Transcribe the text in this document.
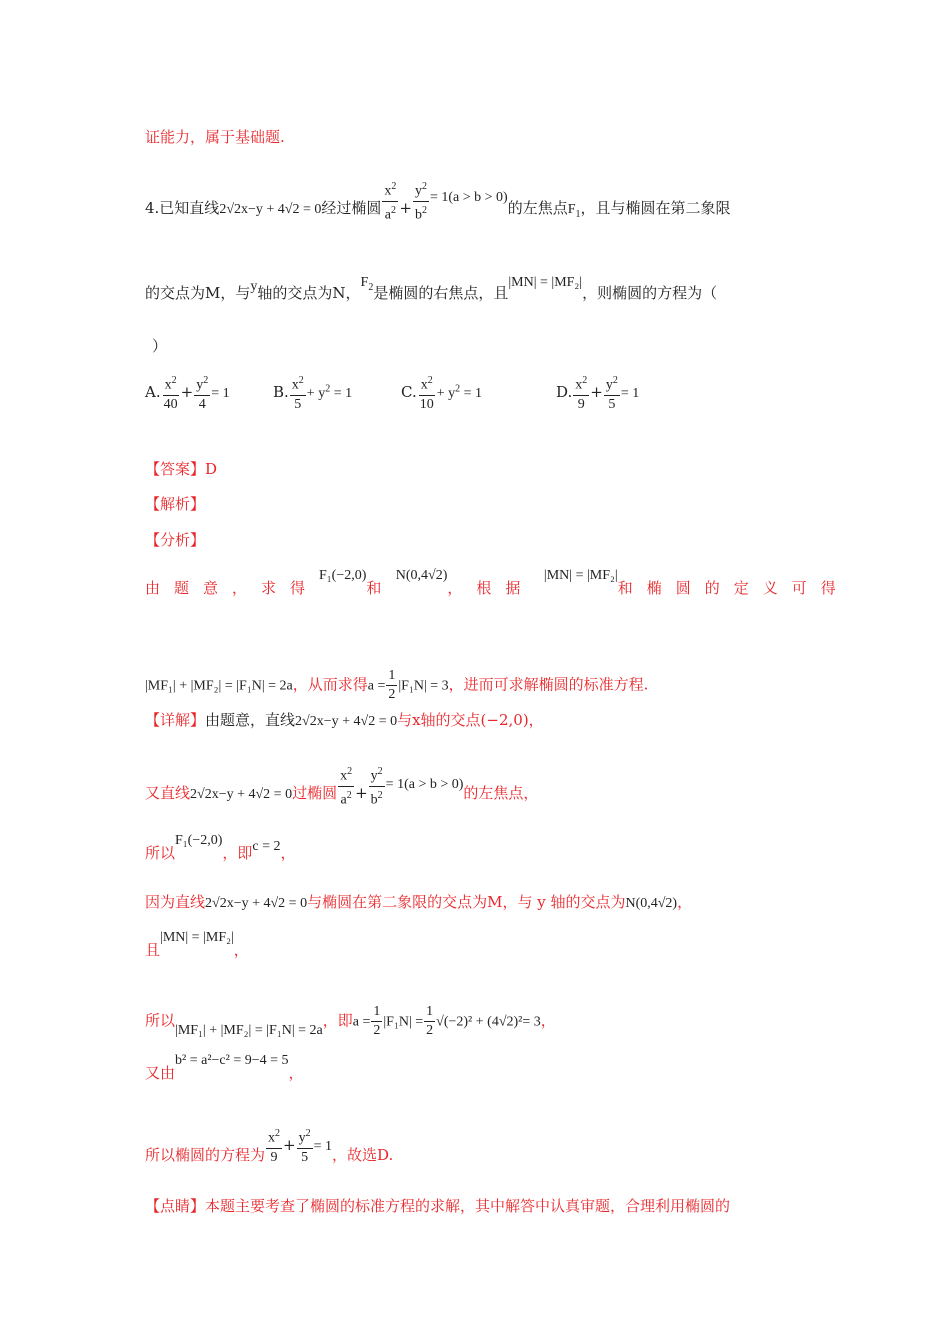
证能力，属于基础题.
4.已知直线2√2x−y + 4√2 = 0经过椭圆 $\frac{x^2}{a^2} + \frac{y^2}{b^2} = 1(a > b > 0)$的左焦点$F_1$，且与椭圆在第二象限
的交点为M，与y轴的交点为N，$F_2$是椭圆的右焦点，且|MN| = |MF₂|，则椭圆的方程为（
）
A. $\frac{x^2}{40} + \frac{y^2}{4} = 1$	B. $\frac{x^2}{5} + y^2 = 1$	C. $\frac{x^2}{10} + y^2 = 1$	D. $\frac{x^2}{9} + \frac{y^2}{5} = 1$
【答案】D
【解析】
【分析】
由题意，求得F₁(−2,0)和   N(0,4√2)，根据  |MN| = |MF₂|和椭圆的定义可得
|MF₁| + |MF₂| = |F₁N| = 2a，从而求得$a = \frac{1}{2} |F_1N| = 3$，进而可求解椭圆的标准方程.
【详解】由题意，直线2√2x−y + 4√2 = 0与x轴的交点(−2,0)，
又直线2√2x−y + 4√2 = 0过椭圆 $\frac{x^2}{a^2} + \frac{y^2}{b^2} = 1(a > b > 0)$的左焦点，
所以F₁(−2,0)，即c = 2，
因为直线2√2x−y + 4√2 = 0与椭圆在第二象限的交点为M，与 y 轴的交点为N(0,4√2)，
且|MN| = |MF₂|，
所以|MF₁| + |MF₂| = |F₁N| = 2a，即$a = \frac{1}{2} |F_1N| = \frac{1}{2} √(-2)^2 + (4√2)^2= 3$，
又由b² = a²−c² = 9−4 = 5，
所以椭圆的方程为 $\frac{x^2}{9} + \frac{y^2}{5} = 1$，故选D.
【点睛】本题主要考查了椭圆的标准方程的求解，其中解答中认真审题，合理利用椭圆的
